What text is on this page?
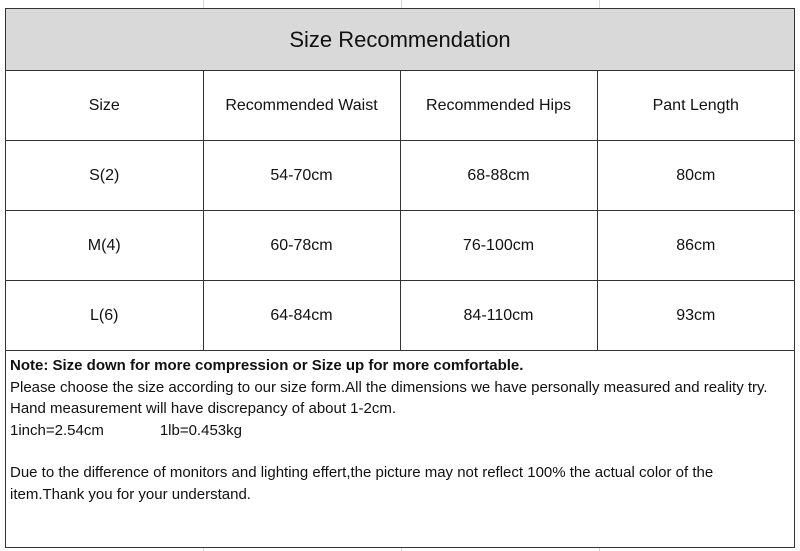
Size Recommendation
Size	Recommended Waist	Recommended Hips	Pant Length
S(2)	54-70cm	68-88cm	80cm
M(4)	60-78cm	76-100cm	86cm
L(6)	64-84cm	84-110cm	93cm

Note: Size down for more compression or Size up for more comfortable.

Please choose the size according to our size form.All the dimensions we have personally measured and reality try.

Hand measurement will have discrepancy of about 1-2cm.

1inch=2.54cm	1lb=0.453kg

Due to the difference of monitors and lighting effert,the picture may not reflect 100% the actual color of the item.Thank you for your understand.
